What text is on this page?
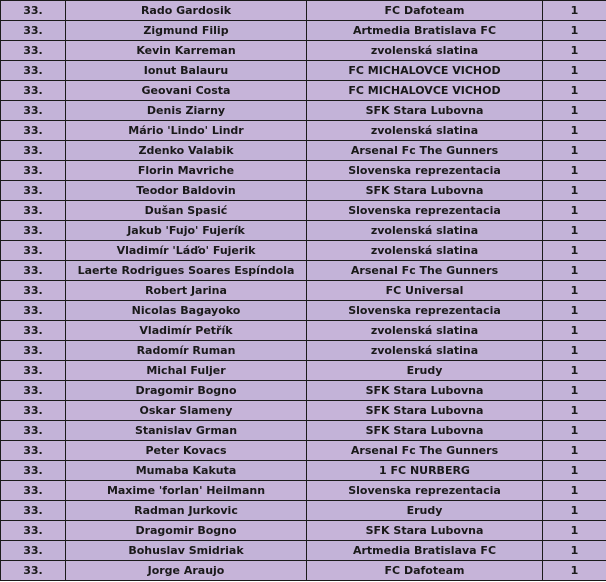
33.	Rado Gardosik	FC Dafoteam	1
33.	Zigmund Filip	Artmedia Bratislava FC	1
33.	Kevin Karreman	zvolenská slatina	1
33.	Ionut Balauru	FC MICHALOVCE VICHOD	1
33.	Geovani Costa	FC MICHALOVCE VICHOD	1
33.	Denis Ziarny	SFK Stara Lubovna	1
33.	Mário 'Lindo' Lindr	zvolenská slatina	1
33.	Zdenko Valabik	Arsenal Fc The Gunners	1
33.	Florin Mavriche	Slovenska reprezentacia	1
33.	Teodor Baldovin	SFK Stara Lubovna	1
33.	Dušan Spasić	Slovenska reprezentacia	1
33.	Jakub 'Fujo' Fujerík	zvolenská slatina	1
33.	Vladimír 'Láďo' Fujerik	zvolenská slatina	1
33.	Laerte Rodrigues Soares Espíndola	Arsenal Fc The Gunners	1
33.	Robert Jarina	FC Universal	1
33.	Nicolas Bagayoko	Slovenska reprezentacia	1
33.	Vladimír Petřík	zvolenská slatina	1
33.	Radomír Ruman	zvolenská slatina	1
33.	Michal Fuljer	Erudy	1
33.	Dragomir Bogno	SFK Stara Lubovna	1
33.	Oskar Slameny	SFK Stara Lubovna	1
33.	Stanislav Grman	SFK Stara Lubovna	1
33.	Peter Kovacs	Arsenal Fc The Gunners	1
33.	Mumaba Kakuta	1 FC NURBERG	1
33.	Maxime 'forlan' Heilmann	Slovenska reprezentacia	1
33.	Radman Jurkovic	Erudy	1
33.	Dragomir Bogno	SFK Stara Lubovna	1
33.	Bohuslav Smidriak	Artmedia Bratislava FC	1
33.	Jorge Araujo	FC Dafoteam	1
